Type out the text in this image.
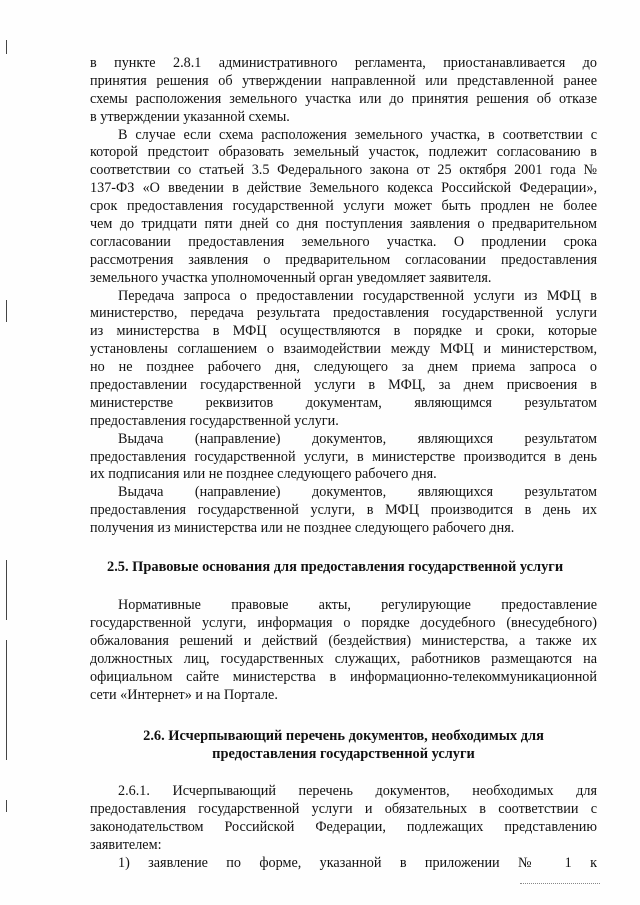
в пункте 2.8.1 административного регламента, приостанавливается до
принятия решения об утверждении направленной или представленной ранее
схемы расположения земельного участка или до принятия решения об отказе
в утверждении указанной схемы.
В случае если схема расположения земельного участка, в соответствии с
которой предстоит образовать земельный участок, подлежит согласованию в
соответствии со статьей 3.5 Федерального закона от 25 октября 2001 года №
137-ФЗ «О введении в действие Земельного кодекса Российской Федерации»,
срок предоставления государственной услуги может быть продлен не более
чем до тридцати пяти дней со дня поступления заявления о предварительном
согласовании предоставления земельного участка. О продлении срока
рассмотрения заявления о предварительном согласовании предоставления
земельного участка уполномоченный орган уведомляет заявителя.
Передача запроса о предоставлении государственной услуги из МФЦ в
министерство, передача результата предоставления государственной услуги
из министерства в МФЦ осуществляются в порядке и сроки, которые
установлены соглашением о взаимодействии между МФЦ и министерством,
но не позднее рабочего дня, следующего за днем приема запроса о
предоставлении государственной услуги в МФЦ, за днем присвоения в
министерстве реквизитов документам, являющимся результатом
предоставления государственной услуги.
Выдача (направление) документов, являющихся результатом
предоставления государственной услуги, в министерстве производится в день
их подписания или не позднее следующего рабочего дня.
Выдача (направление) документов, являющихся результатом
предоставления государственной услуги, в МФЦ производится в день их
получения из министерства или не позднее следующего рабочего дня.
2.5. Правовые основания для предоставления государственной услуги
Нормативные правовые акты, регулирующие предоставление
государственной услуги, информация о порядке досудебного (внесудебного)
обжалования решений и действий (бездействия) министерства, а также их
должностных лиц, государственных служащих, работников размещаются на
официальном сайте министерства в информационно-телекоммуникационной
сети «Интернет» и на Портале.
2.6. Исчерпывающий перечень документов, необходимых для
предоставления государственной услуги
2.6.1. Исчерпывающий перечень документов, необходимых для
предоставления государственной услуги и обязательных в соответствии с
законодательством Российской Федерации, подлежащих представлению
заявителем:
1) заявление по форме, указанной в приложении № 1 к
